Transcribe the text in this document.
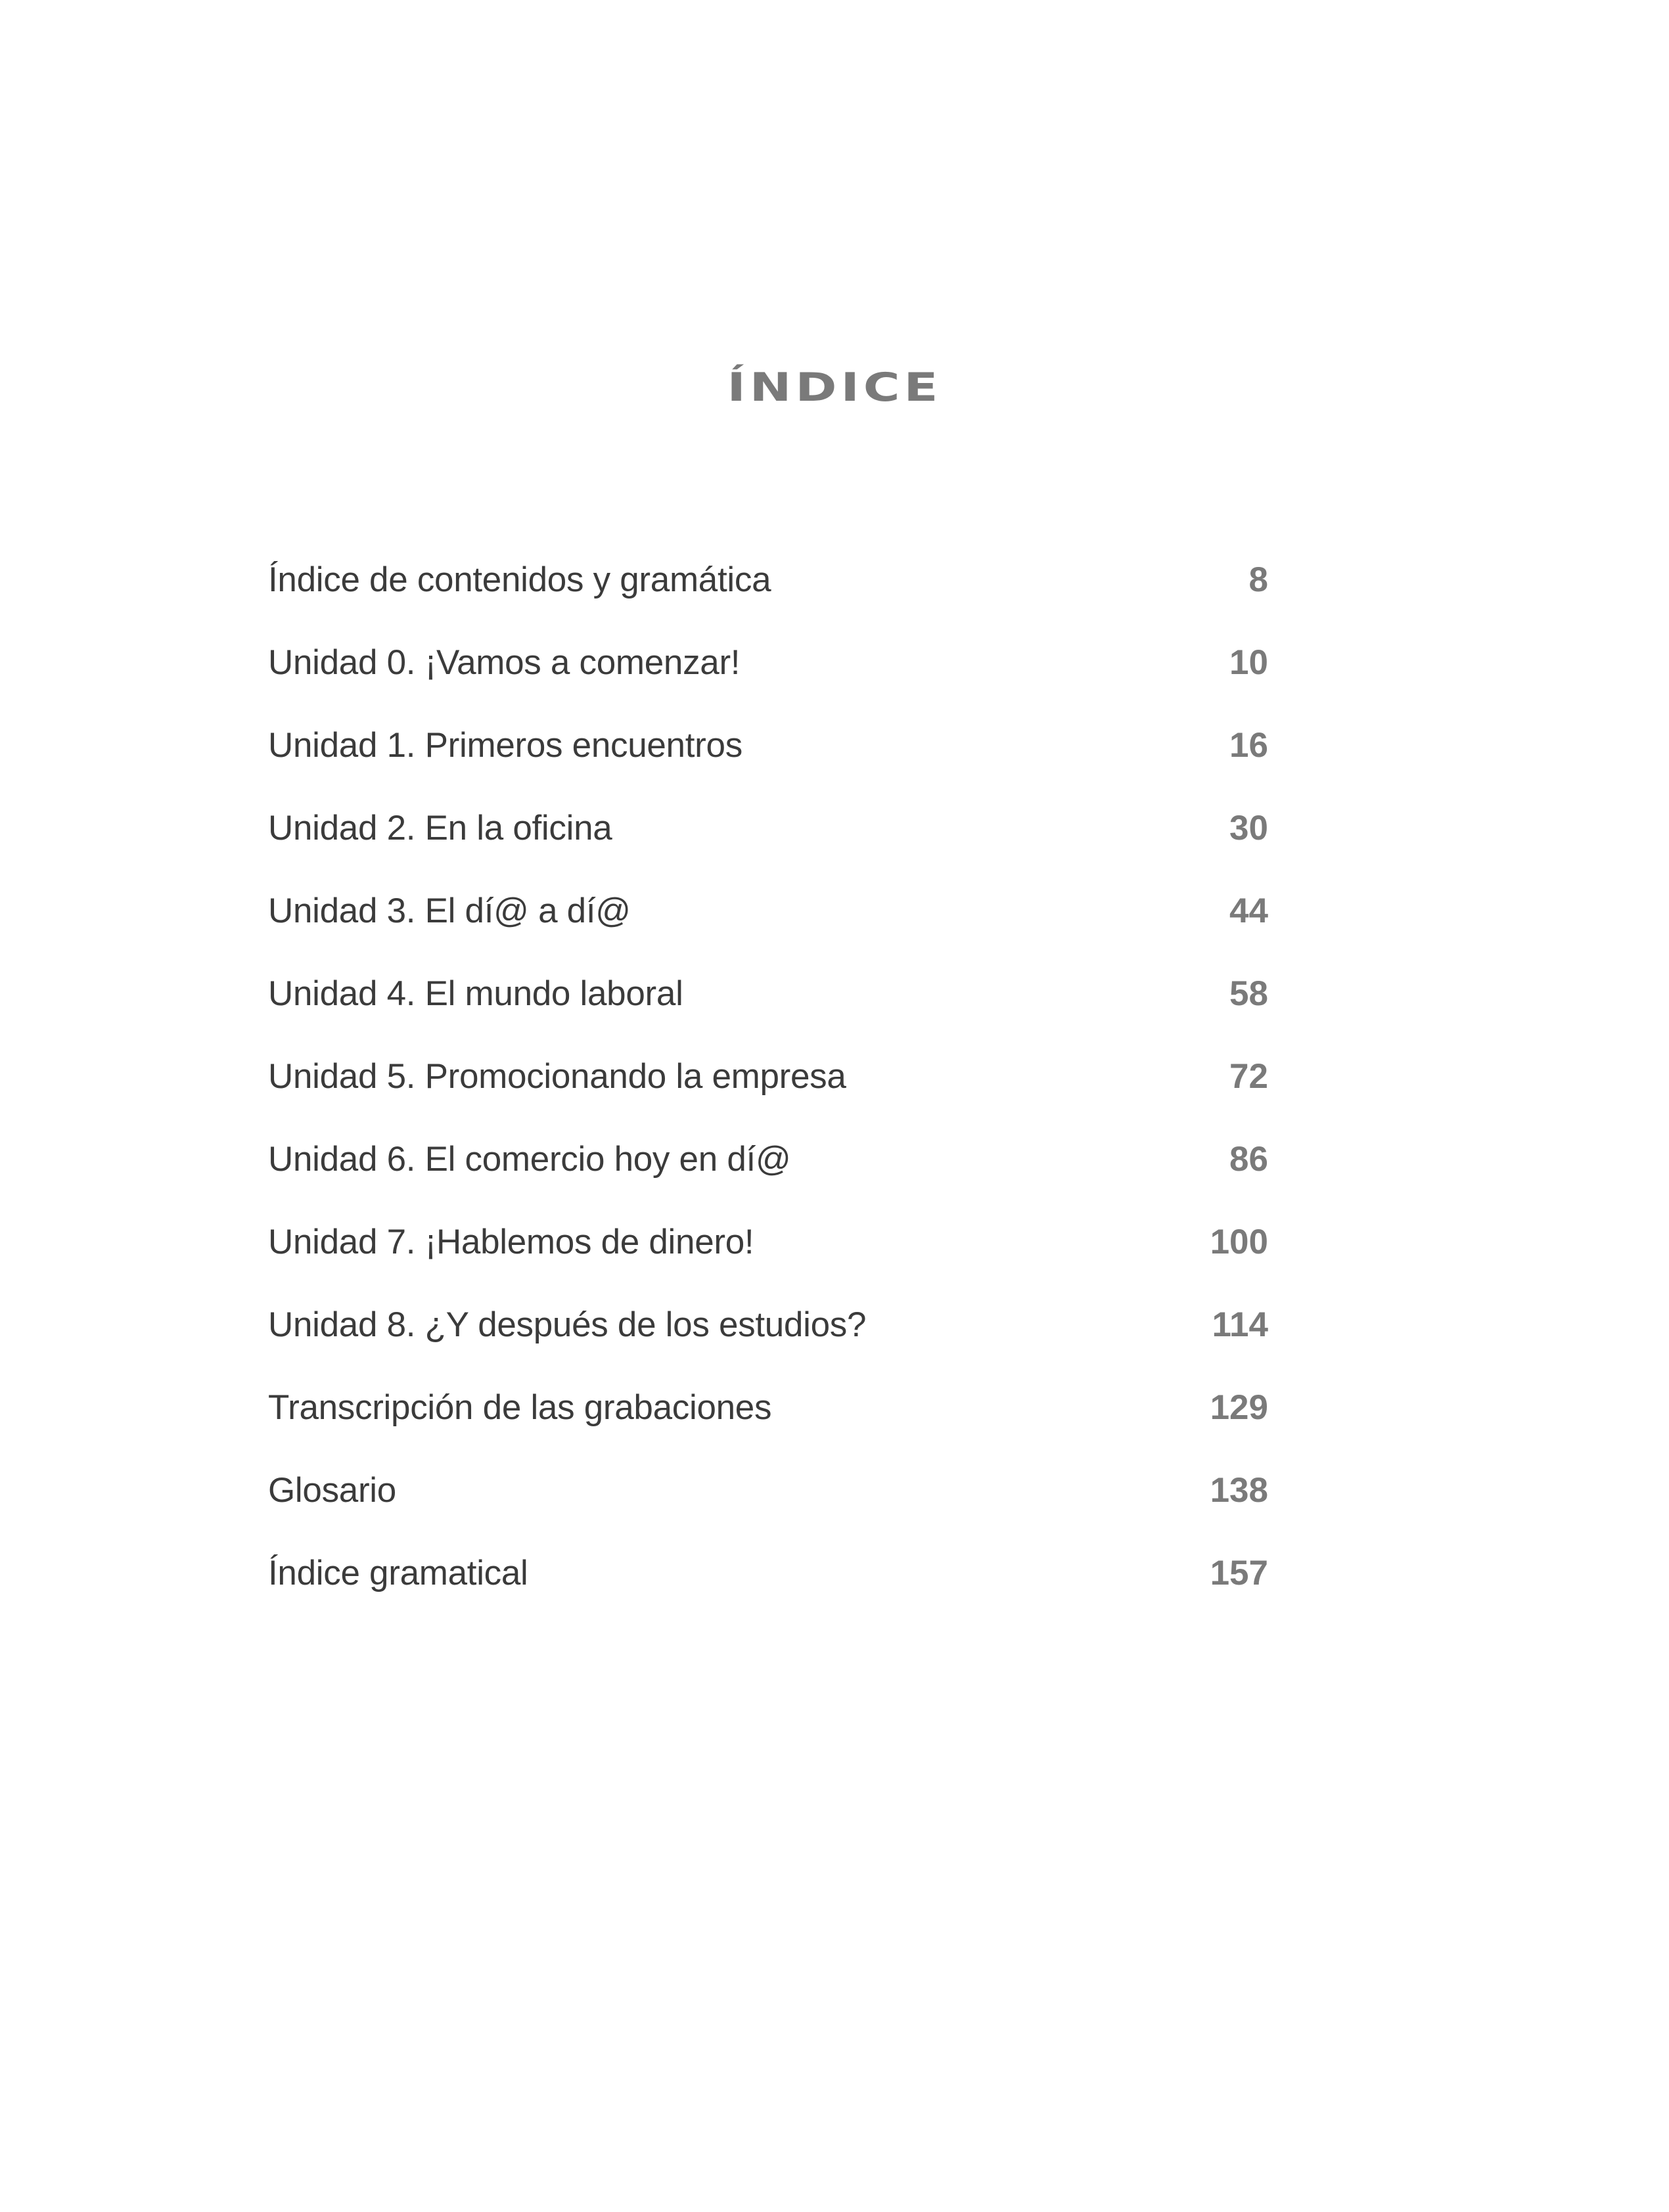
ÍNDICE
Índice de contenidos y gramática	8
Unidad 0. ¡Vamos a comenzar!	10
Unidad 1. Primeros encuentros	16
Unidad 2. En la oficina	30
Unidad 3. El dí@ a dí@	44
Unidad 4. El mundo laboral	58
Unidad 5. Promocionando la empresa	72
Unidad 6. El comercio hoy en dí@	86
Unidad 7. ¡Hablemos de dinero!	100
Unidad 8. ¿Y después de los estudios?	114
Transcripción de las grabaciones	129
Glosario	138
Índice gramatical	157
